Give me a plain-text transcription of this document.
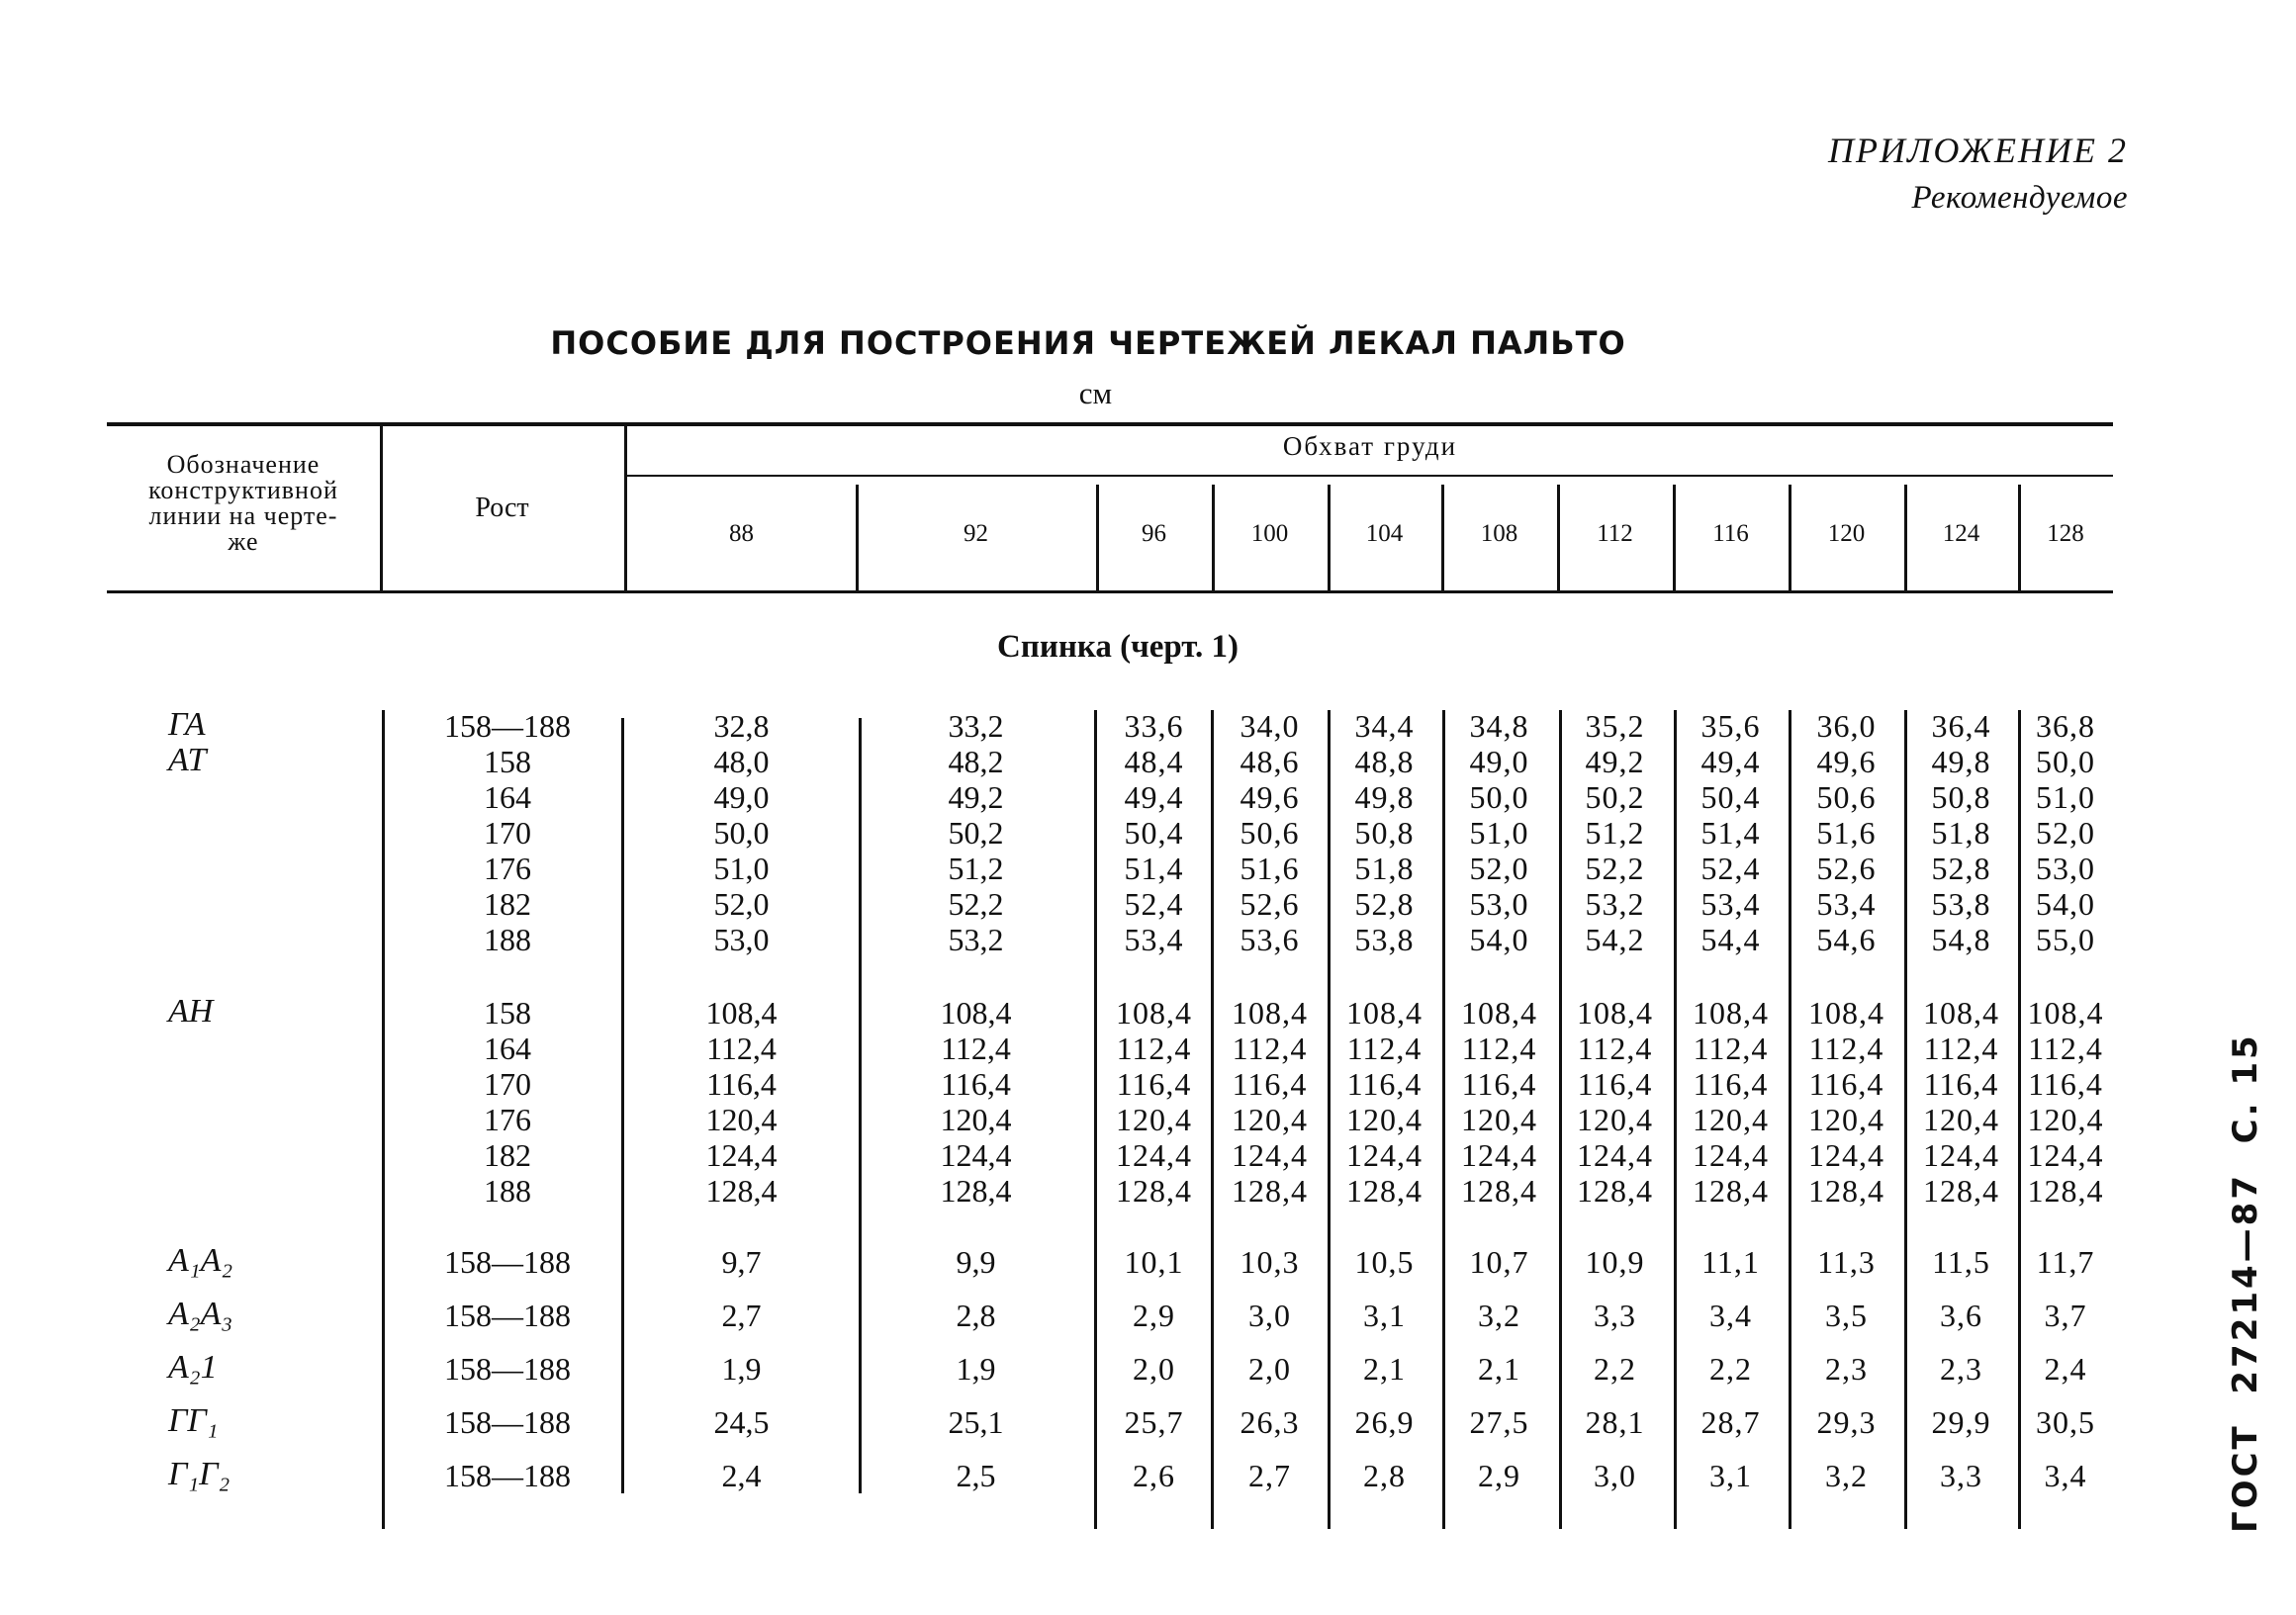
ПРИЛОЖЕНИЕ 2
Рекомендуемое
ПОСОБИЕ ДЛЯ ПОСТРОЕНИЯ ЧЕРТЕЖЕЙ ЛЕКАЛ ПАЛЬТО
см
ГОСТ  27214—87  С. 15
Обозначение
конструктивной
линии на черте-
же
Рост
Обхват груди
88	92	96	100	104	108	112	116	120	124	128
Спинка (черт. 1)
ГА	158—188	32,8	33,2	33,6	34,0	34,4	34,8	35,2	35,6	36,0	36,4	36,8
АТ	158	48,0	48,2	48,4	48,6	48,8	49,0	49,2	49,4	49,6	49,8	50,0
164	49,0	49,2	49,4	49,6	49,8	50,0	50,2	50,4	50,6	50,8	51,0
170	50,0	50,2	50,4	50,6	50,8	51,0	51,2	51,4	51,6	51,8	52,0
176	51,0	51,2	51,4	51,6	51,8	52,0	52,2	52,4	52,6	52,8	53,0
182	52,0	52,2	52,4	52,6	52,8	53,0	53,2	53,4	53,4	53,8	54,0
188	53,0	53,2	53,4	53,6	53,8	54,0	54,2	54,4	54,6	54,8	55,0
АН	158	108,4	108,4	108,4	108,4	108,4	108,4	108,4	108,4	108,4	108,4 108,4
164	112,4	112,4	112,4	112,4	112,4	112,4	112,4	112,4	112,4	112,4 112,4
170	116,4	116,4	116,4	116,4	116,4	116,4	116,4	116,4	116,4	116,4 116,4
176	120,4	120,4	120,4	120,4	120,4	120,4	120,4	120,4	120,4	120,4 120,4
182	124,4	124,4	124,4	124,4	124,4	124,4	124,4	124,4	124,4	124,4 124,4
188	128,4	128,4	128,4	128,4	128,4	128,4	128,4	128,4	128,4	128,4 128,4
A₁A₂	158—188	9,7	9,9	10,1	10,3	10,5	10,7	10,9	11,1	11,3	11,5	11,7
A₂A₃	158—188	2,7	2,8	2,9	3,0	3,1	3,2	3,3	3,4	3,5	3,6	3,7
A₂1	158—188	1,9	1,9	2,0	2,0	2,1	2,1	2,2	2,2	2,3	2,3	2,4
ГГ₁	158—188	24,5	25,1	25,7	26,3	26,9	27,5	28,1	28,7	29,3	29,9	30,5
Г₁Г₂	158—188	2,4	2,5	2,6	2,7	2,8	2,9	3,0	3,1	3,2	3,3	3,4
